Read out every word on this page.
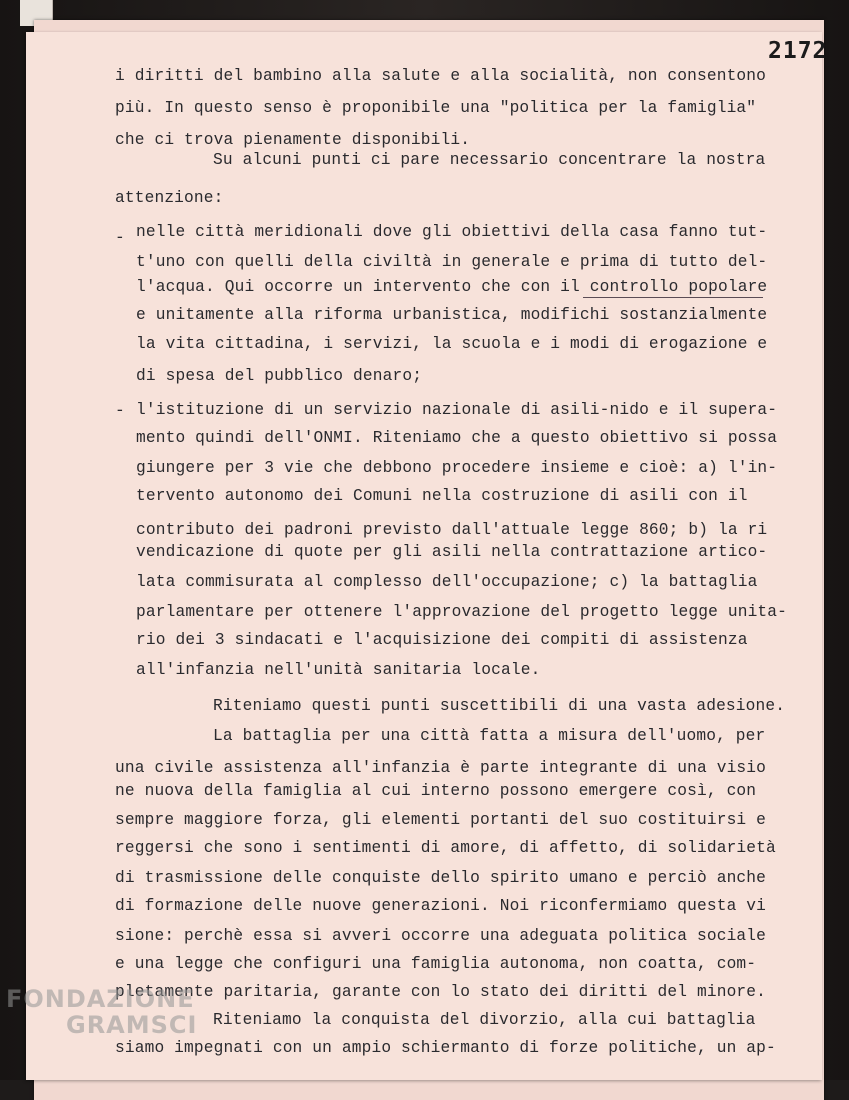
2172
i diritti del bambino alla salute e alla socialità, non consentono
più. In questo senso è proponibile una "politica per la famiglia"
che ci trova pienamente disponibili.
Su alcuni punti ci pare necessario concentrare la nostra
attenzione:
- nelle città meridionali dove gli obiettivi della casa fanno tut-
t'uno con quelli della civiltà in generale e prima di tutto del-
l'acqua. Qui occorre un intervento che con il controllo popolare
e unitamente alla riforma urbanistica, modifichi sostanzialmente
la vita cittadina, i servizi, la scuola e i modi di erogazione e
di spesa del pubblico denaro;
- l'istituzione di un servizio nazionale di asili-nido e il supera-
mento quindi dell'ONMI. Riteniamo che a questo obiettivo si possa
giungere per 3 vie che debbono procedere insieme e cioè: a) l'in-
tervento autonomo dei Comuni nella costruzione di asili con il
contributo dei padroni previsto dall'attuale legge 860; b) la ri
vendicazione di quote per gli asili nella contrattazione artico-
lata commisurata al complesso dell'occupazione; c) la battaglia
parlamentare per ottenere l'approvazione del progetto legge unita-
rio dei 3 sindacati e l'acquisizione dei compiti di assistenza
all'infanzia nell'unità sanitaria locale.
Riteniamo questi punti suscettibili di una vasta adesione.
La battaglia per una città fatta a misura dell'uomo, per
una civile assistenza all'infanzia è parte integrante di una visio
ne nuova della famiglia al cui interno possono emergere così, con
sempre maggiore forza, gli elementi portanti del suo costituirsi e
reggersi che sono i sentimenti di amore, di affetto, di solidarietà
di trasmissione delle conquiste dello spirito umano e perciò anche
di formazione delle nuove generazioni. Noi riconfermiamo questa vi
sione: perchè essa si avveri occorre una adeguata politica sociale
e una legge che configuri una famiglia autonoma, non coatta, com-
pletamente paritaria, garante con lo stato dei diritti del minore.
Riteniamo la conquista del divorzio, alla cui battaglia
siamo impegnati con un ampio schiermanto di forze politiche, un ap-
FONDAZIONE
GRAMSCI
